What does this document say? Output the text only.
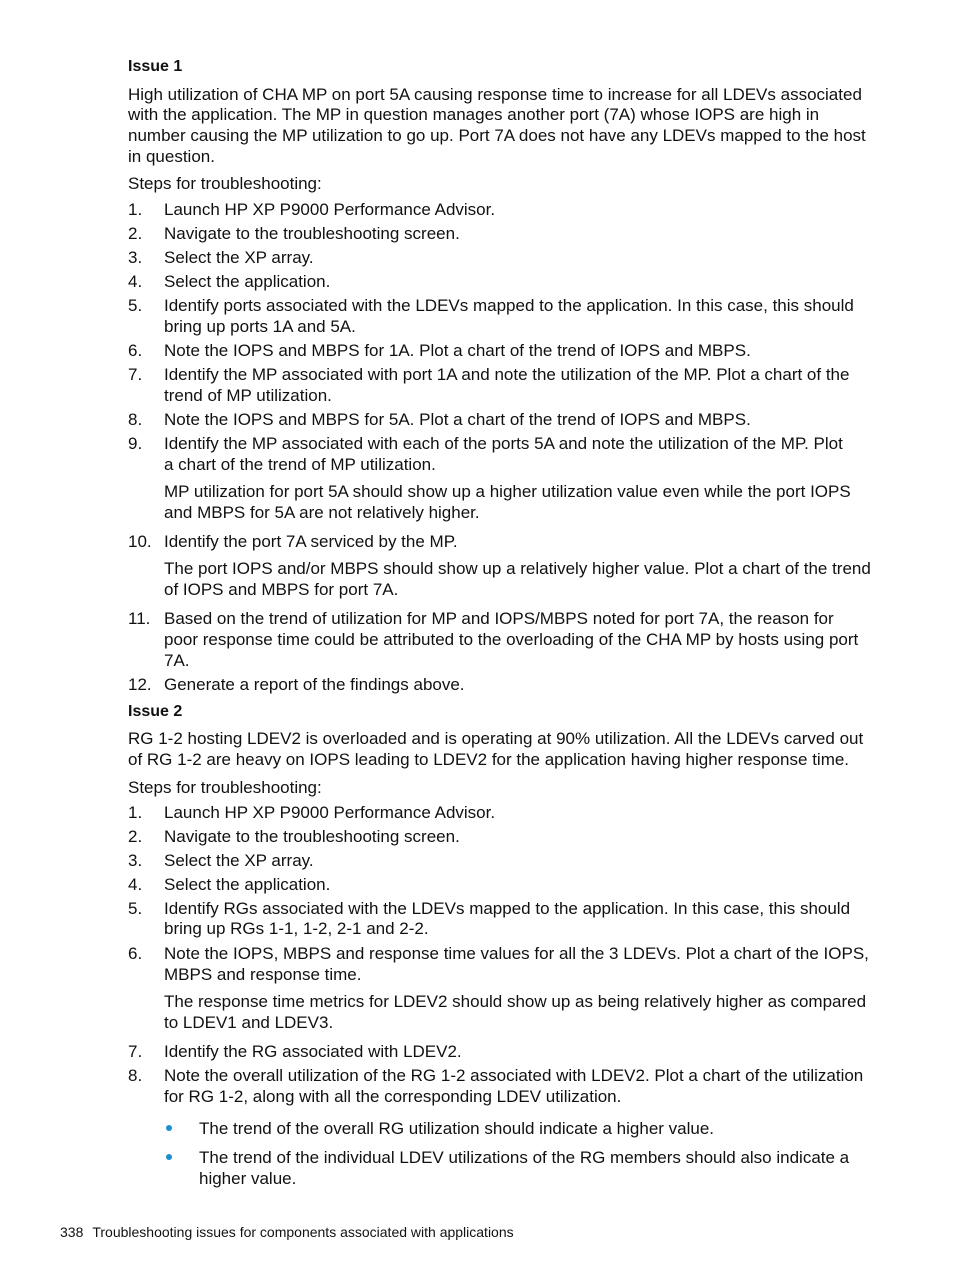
Issue 1
High utilization of CHA MP on port 5A causing response time to increase for all LDEVs associated
with the application. The MP in question manages another port (7A) whose IOPS are high in
number causing the MP utilization to go up. Port 7A does not have any LDEVs mapped to the host
in question.
Steps for troubleshooting:
1. Launch HP XP P9000 Performance Advisor.
2. Navigate to the troubleshooting screen.
3. Select the XP array.
4. Select the application.
5. Identify ports associated with the LDEVs mapped to the application. In this case, this should
bring up ports 1A and 5A.
6. Note the IOPS and MBPS for 1A. Plot a chart of the trend of IOPS and MBPS.
7. Identify the MP associated with port 1A and note the utilization of the MP. Plot a chart of the
trend of MP utilization.
8. Note the IOPS and MBPS for 5A. Plot a chart of the trend of IOPS and MBPS.
9. Identify the MP associated with each of the ports 5A and note the utilization of the MP. Plot
a chart of the trend of MP utilization.
MP utilization for port 5A should show up a higher utilization value even while the port IOPS
and MBPS for 5A are not relatively higher.
10. Identify the port 7A serviced by the MP.
The port IOPS and/or MBPS should show up a relatively higher value. Plot a chart of the trend
of IOPS and MBPS for port 7A.
11. Based on the trend of utilization for MP and IOPS/MBPS noted for port 7A, the reason for
poor response time could be attributed to the overloading of the CHA MP by hosts using port
7A.
12. Generate a report of the findings above.
Issue 2
RG 1-2 hosting LDEV2 is overloaded and is operating at 90% utilization. All the LDEVs carved out
of RG 1-2 are heavy on IOPS leading to LDEV2 for the application having higher response time.
Steps for troubleshooting:
1. Launch HP XP P9000 Performance Advisor.
2. Navigate to the troubleshooting screen.
3. Select the XP array.
4. Select the application.
5. Identify RGs associated with the LDEVs mapped to the application. In this case, this should
bring up RGs 1-1, 1-2, 2-1 and 2-2.
6. Note the IOPS, MBPS and response time values for all the 3 LDEVs. Plot a chart of the IOPS,
MBPS and response time.
The response time metrics for LDEV2 should show up as being relatively higher as compared
to LDEV1 and LDEV3.
7. Identify the RG associated with LDEV2.
8. Note the overall utilization of the RG 1-2 associated with LDEV2. Plot a chart of the utilization
for RG 1-2, along with all the corresponding LDEV utilization.
The trend of the overall RG utilization should indicate a higher value.
The trend of the individual LDEV utilizations of the RG members should also indicate a
higher value.
338 Troubleshooting issues for components associated with applications
